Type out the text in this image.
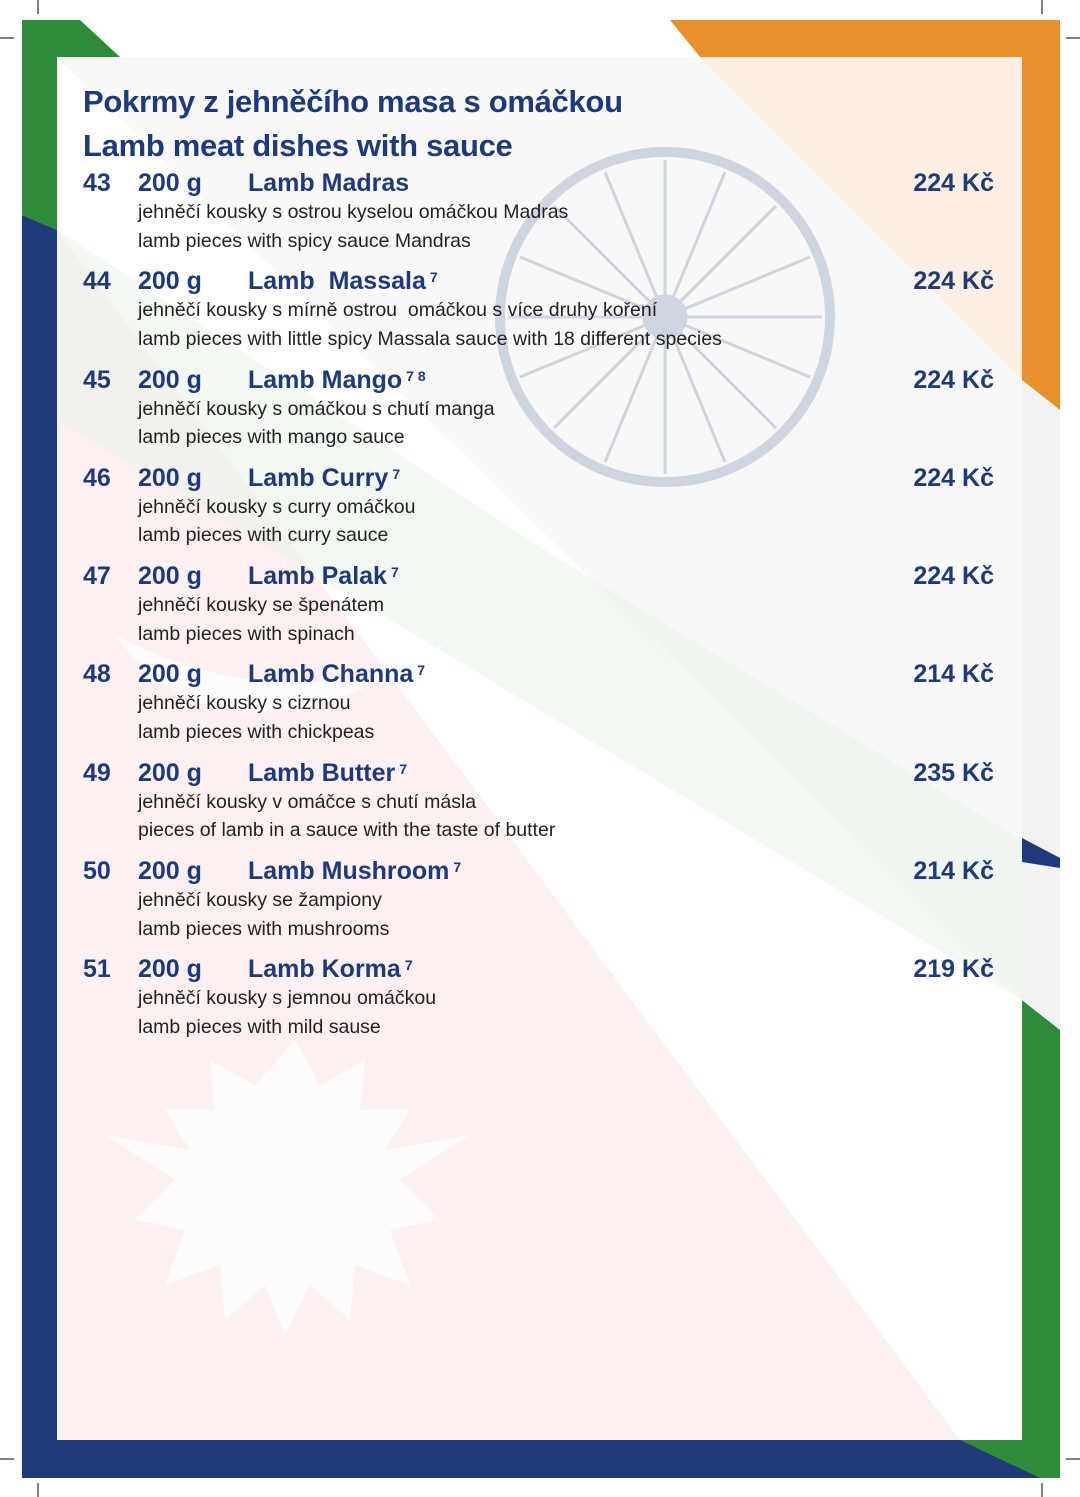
Pokrmy z jehněčího masa s omáčkou
Lamb meat dishes with sauce
43 200 g Lamb Madras	224 Kč
jehněčí kousky s ostrou kyselou omáčkou Madras
lamb pieces with spicy sauce Mandras
44 200 g Lamb  Massala $^7$	224 Kč
jehněčí kousky s mírně ostrou  omáčkou s více druhy koření
lamb pieces with little spicy Massala sauce with 18 different species
45 200 g Lamb Mango $^{7 8}$	224 Kč
jehněčí kousky s omáčkou s chutí manga
lamb pieces with mango sauce
46 200 g Lamb Curry $^7$	224 Kč
jehněčí kousky s curry omáčkou
lamb pieces with curry sauce
47 200 g Lamb Palak $^7$	224 Kč
jehněčí kousky se špenátem
lamb pieces with spinach
48 200 g Lamb Channa $^7$	214 Kč
jehněčí kousky s cizrnou
lamb pieces with chickpeas
49 200 g Lamb Butter $^7$	235 Kč
jehněčí kousky v omáčce s chutí másla
pieces of lamb in a sauce with the taste of butter
50 200 g Lamb Mushroom $^7$	214 Kč
jehněčí kousky se žampiony
lamb pieces with mushrooms
51 200 g Lamb Korma $^7$	219 Kč
jehněčí kousky s jemnou omáčkou
lamb pieces with mild sause
